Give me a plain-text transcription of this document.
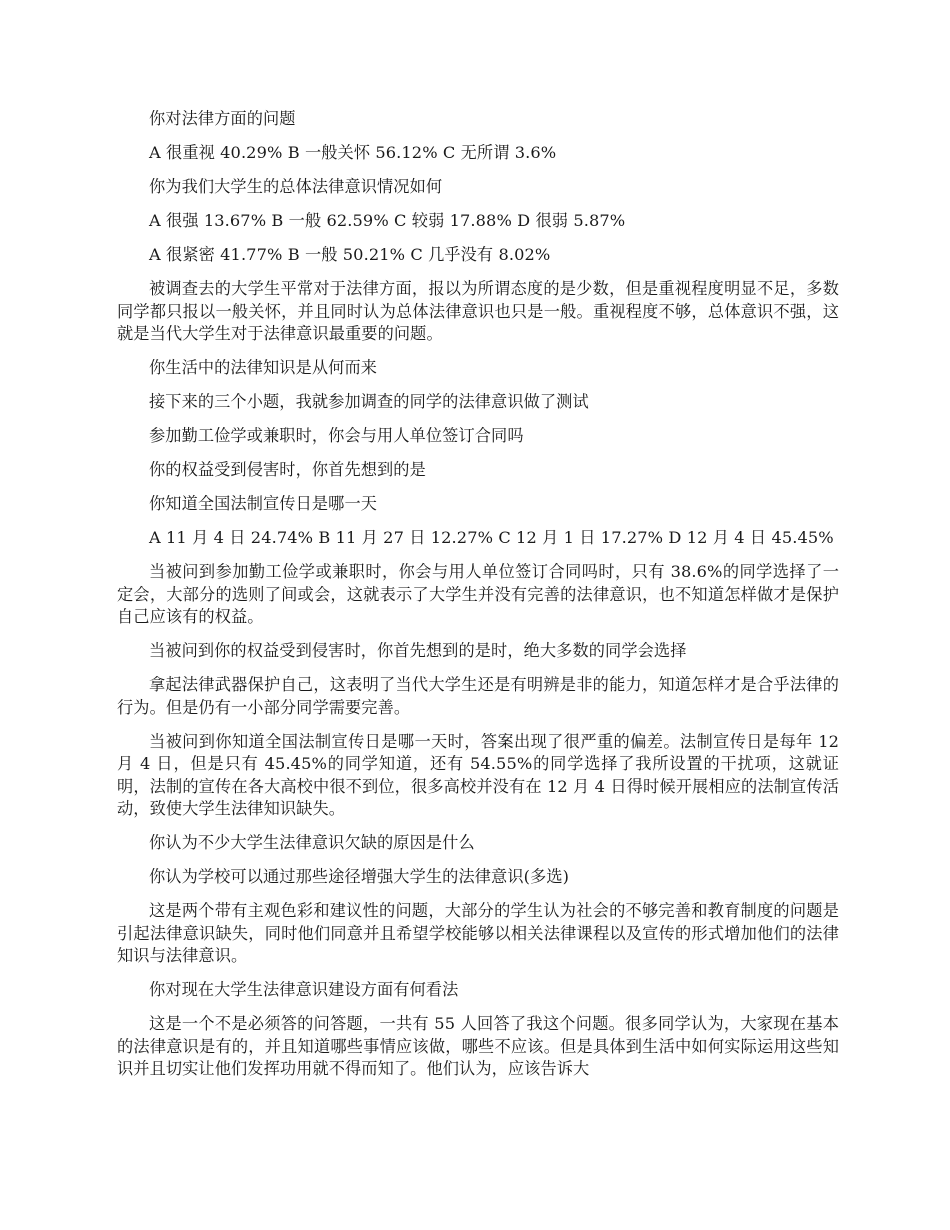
你对法律方面的问题

A 很重视 40.29% B 一般关怀 56.12% C 无所谓 3.6%

你为我们大学生的总体法律意识情况如何

A 很强 13.67% B 一般 62.59% C 较弱 17.88% D 很弱 5.87%

A 很紧密 41.77% B 一般 50.21% C 几乎没有 8.02%

被调查去的大学生平常对于法律方面，报以为所谓态度的是少数，但是重视程度明显不足，多数同学都只报以一般关怀，并且同时认为总体法律意识也只是一般。重视程度不够，总体意识不强，这就是当代大学生对于法律意识最重要的问题。

你生活中的法律知识是从何而来

接下来的三个小题，我就参加调查的同学的法律意识做了测试

参加勤工俭学或兼职时，你会与用人单位签订合同吗

你的权益受到侵害时，你首先想到的是

你知道全国法制宣传日是哪一天

A 11 月 4 日 24.74% B 11 月 27 日 12.27% C 12 月 1 日 17.27% D 12 月 4 日 45.45%

当被问到参加勤工俭学或兼职时，你会与用人单位签订合同吗时，只有 38.6%的同学选择了一定会，大部分的选则了间或会，这就表示了大学生并没有完善的法律意识，也不知道怎样做才是保护自己应该有的权益。

当被问到你的权益受到侵害时，你首先想到的是时，绝大多数的同学会选择

拿起法律武器保护自己，这表明了当代大学生还是有明辨是非的能力，知道怎样才是合乎法律的行为。但是仍有一小部分同学需要完善。

当被问到你知道全国法制宣传日是哪一天时，答案出现了很严重的偏差。法制宣传日是每年 12 月 4 日，但是只有 45.45%的同学知道，还有 54.55%的同学选择了我所设置的干扰项，这就证明，法制的宣传在各大高校中很不到位，很多高校并没有在 12 月 4 日得时候开展相应的法制宣传活动，致使大学生法律知识缺失。

你认为不少大学生法律意识欠缺的原因是什么

你认为学校可以通过那些途径增强大学生的法律意识(多选)

这是两个带有主观色彩和建议性的问题，大部分的学生认为社会的不够完善和教育制度的问题是引起法律意识缺失，同时他们同意并且希望学校能够以相关法律课程以及宣传的形式增加他们的法律知识与法律意识。

你对现在大学生法律意识建设方面有何看法

这是一个不是必须答的问答题，一共有 55 人回答了我这个问题。很多同学认为，大家现在基本的法律意识是有的，并且知道哪些事情应该做，哪些不应该。但是具体到生活中如何实际运用这些知识并且切实让他们发挥功用就不得而知了。他们认为，应该告诉大
